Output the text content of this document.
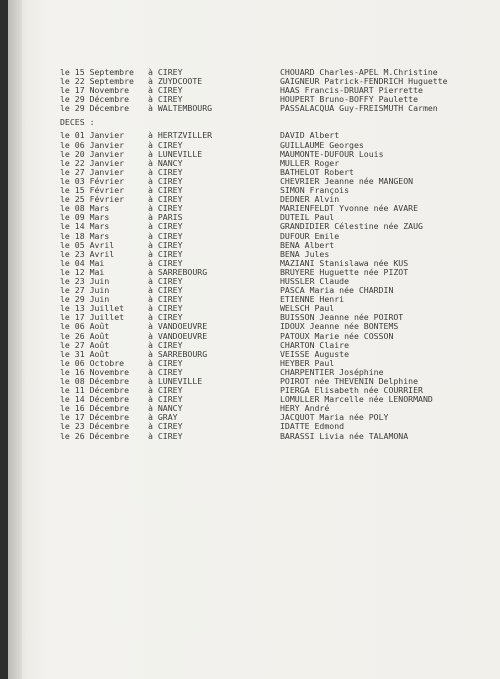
le 15 Septembre	à CIREY	CHOUARD Charles-APEL M.Christine
le 22 Septembre	à ZUYDCOOTE	GAIGNEUR Patrick-FENDRICH Huguette
le 17 Novembre	à CIREY	HAAS Francis-DRUART Pierrette
le 29 Décembre	à CIREY	HOUPERT Bruno-BOFFY Paulette
le 29 Décembre	à WALTEMBOURG	PASSALACQUA Guy-FREISMUTH Carmen
DECES :
le 01 Janvier	à HERTZVILLER	DAVID Albert
le 06 Janvier	à CIREY	GUILLAUME Georges
le 20 Janvier	à LUNEVILLE	MAUMONTE-DUFOUR Louis
le 22 Janvier	à NANCY	MULLER Roger
le 27 Janvier	à CIREY	BATHELOT Robert
le 03 Février	à CIREY	CHEVRIER Jeanne née MANGEON
le 15 Février	à CIREY	SIMON François
le 25 Février	à CIREY	DEDNER Alvin
le 08 Mars	à CIREY	MARIENFELDT Yvonne née AVARE
le 09 Mars	à PARIS	DUTEIL Paul
le 14 Mars	à CIREY	GRANDIDIER Célestine née ZAUG
le 18 Mars	à CIREY	DUFOUR Emile
le 05 Avril	à CIREY	BENA Albert
le 23 Avril	à CIREY	BENA Jules
le 04 Mai	à CIREY	MAZIANI Stanislawa née KUS
le 12 Mai	à SARREBOURG	BRUYERE Huguette née PIZOT
le 23 Juin	à CIREY	HUSSLER Claude
le 27 Juin	à CIREY	PASCA Maria née CHARDIN
le 29 Juin	à CIREY	ETIENNE Henri
le 13 Juillet	à CIREY	WELSCH Paul
le 17 Juillet	à CIREY	BUISSON Jeanne née POIROT
le 06 Août	à VANDOEUVRE	IDOUX Jeanne née BONTEMS
le 26 Août	à VANDOEUVRE	PATOUX Marie née COSSON
le 27 Août	à CIREY	CHARTON Claire
le 31 Août	à SARREBOURG	VEISSE Auguste
le 06 Octobre	à CIREY	HEYBER Paul
le 16 Novembre	à CIREY	CHARPENTIER Joséphine
le 08 Décembre	à LUNEVILLE	POIROT née THEVENIN Delphine
le 11 Décembre	à CIREY	PIERGA Elisabeth née COURRIER
le 14 Décembre	à CIREY	LOMULLER Marcelle née LENORMAND
le 16 Décembre	à NANCY	HERY André
le 17 Décembre	à GRAY	JACQUOT Maria née POLY
le 23 Décembre	à CIREY	IDATTE Edmond
le 26 Décembre	à CIREY	BARASSI Livia née TALAMONA
